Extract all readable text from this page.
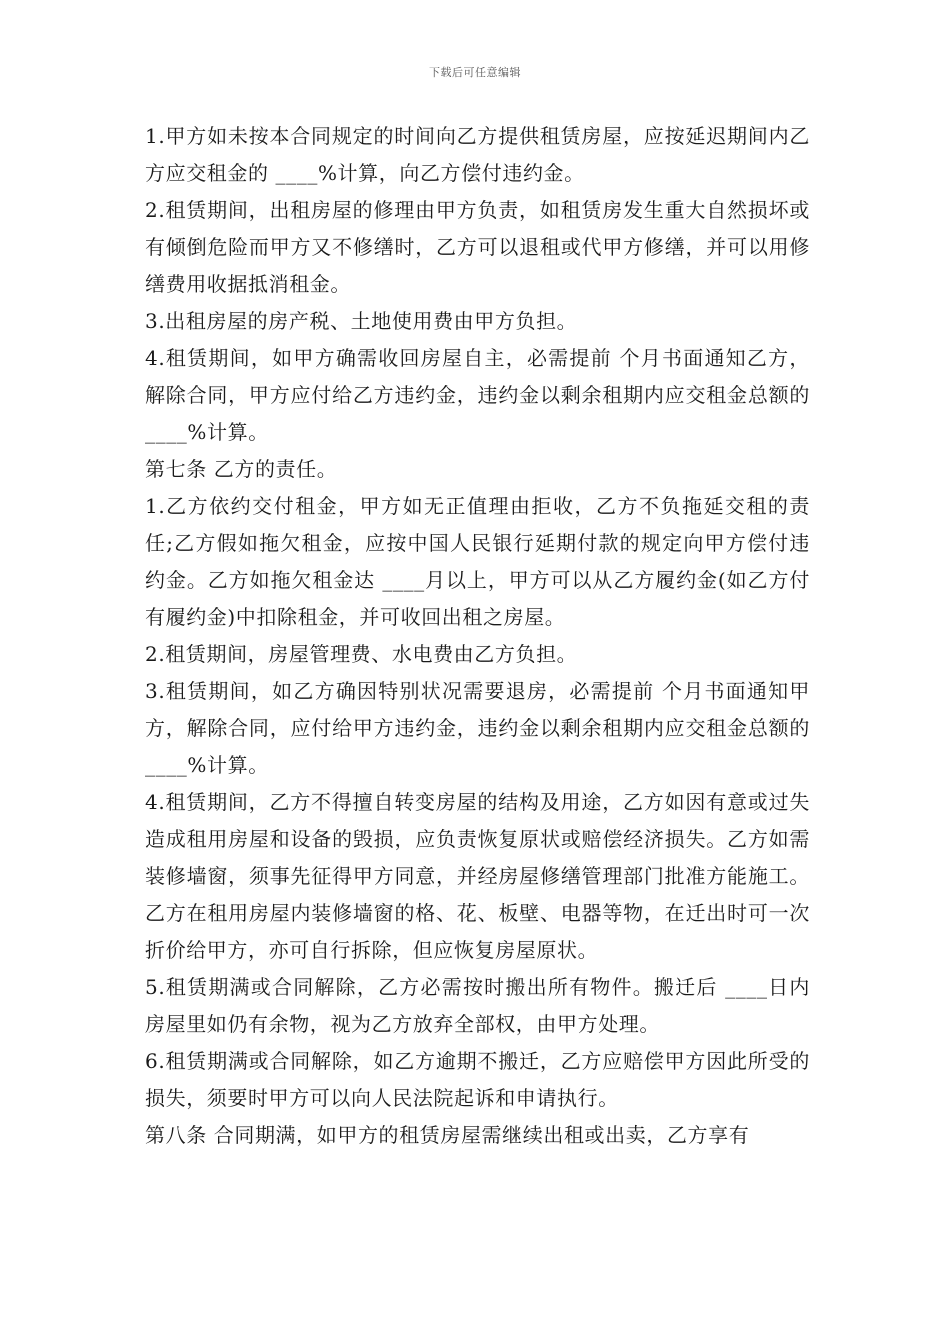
下载后可任意编辑

1.甲方如未按本合同规定的时间向乙方提供租赁房屋，应按延迟期间内乙方应交租金的 ____%计算，向乙方偿付违约金。

2.租赁期间，出租房屋的修理由甲方负责，如租赁房发生重大自然损坏或有倾倒危险而甲方又不修缮时，乙方可以退租或代甲方修缮，并可以用修缮费用收据抵消租金。

3.出租房屋的房产税、土地使用费由甲方负担。

4.租赁期间，如甲方确需收回房屋自主，必需提前 个月书面通知乙方，解除合同，甲方应付给乙方违约金，违约金以剩余租期内应交租金总额的 ____%计算。

第七条 乙方的责任。

1.乙方依约交付租金，甲方如无正值理由拒收，乙方不负拖延交租的责任;乙方假如拖欠租金，应按中国人民银行延期付款的规定向甲方偿付违约金。乙方如拖欠租金达 ____月以上，甲方可以从乙方履约金(如乙方付有履约金)中扣除租金，并可收回出租之房屋。

2.租赁期间，房屋管理费、水电费由乙方负担。

3.租赁期间，如乙方确因特别状况需要退房，必需提前 个月书面通知甲方，解除合同，应付给甲方违约金，违约金以剩余租期内应交租金总额的 ____%计算。

4.租赁期间，乙方不得擅自转变房屋的结构及用途，乙方如因有意或过失造成租用房屋和设备的毁损，应负责恢复原状或赔偿经济损失。乙方如需装修墙窗，须事先征得甲方同意，并经房屋修缮管理部门批准方能施工。乙方在租用房屋内装修墙窗的格、花、板壁、电器等物，在迁出时可一次折价给甲方，亦可自行拆除，但应恢复房屋原状。

5.租赁期满或合同解除，乙方必需按时搬出所有物件。搬迁后 ____日内房屋里如仍有余物，视为乙方放弃全部权，由甲方处理。

6.租赁期满或合同解除，如乙方逾期不搬迁，乙方应赔偿甲方因此所受的损失，须要时甲方可以向人民法院起诉和申请执行。

第八条 合同期满，如甲方的租赁房屋需继续出租或出卖，乙方享有
